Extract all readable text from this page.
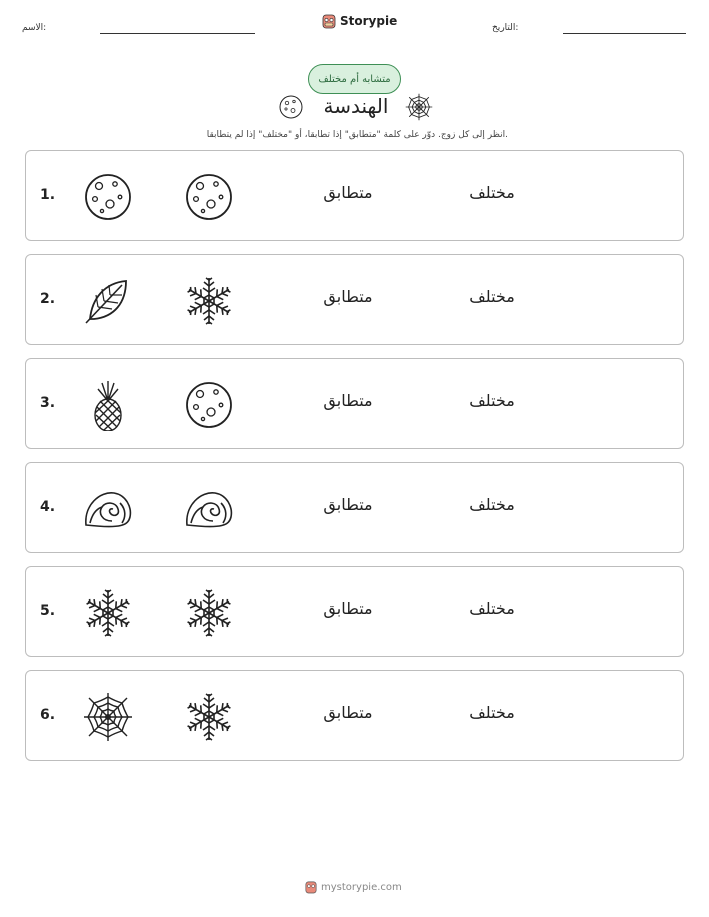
الاسم:	Storypie	التاريخ:
متشابه أم مختلف
الهندسة
انظر إلى كل زوج. دوّر على كلمة "متطابق" إذا تطابقا، أو "مختلف" إذا لم يتطابقا.
1.	متطابق	مختلف
2.	متطابق	مختلف
3.	متطابق	مختلف
4.	متطابق	مختلف
5.	متطابق	مختلف
6.	متطابق	مختلف
mystorypie.com
